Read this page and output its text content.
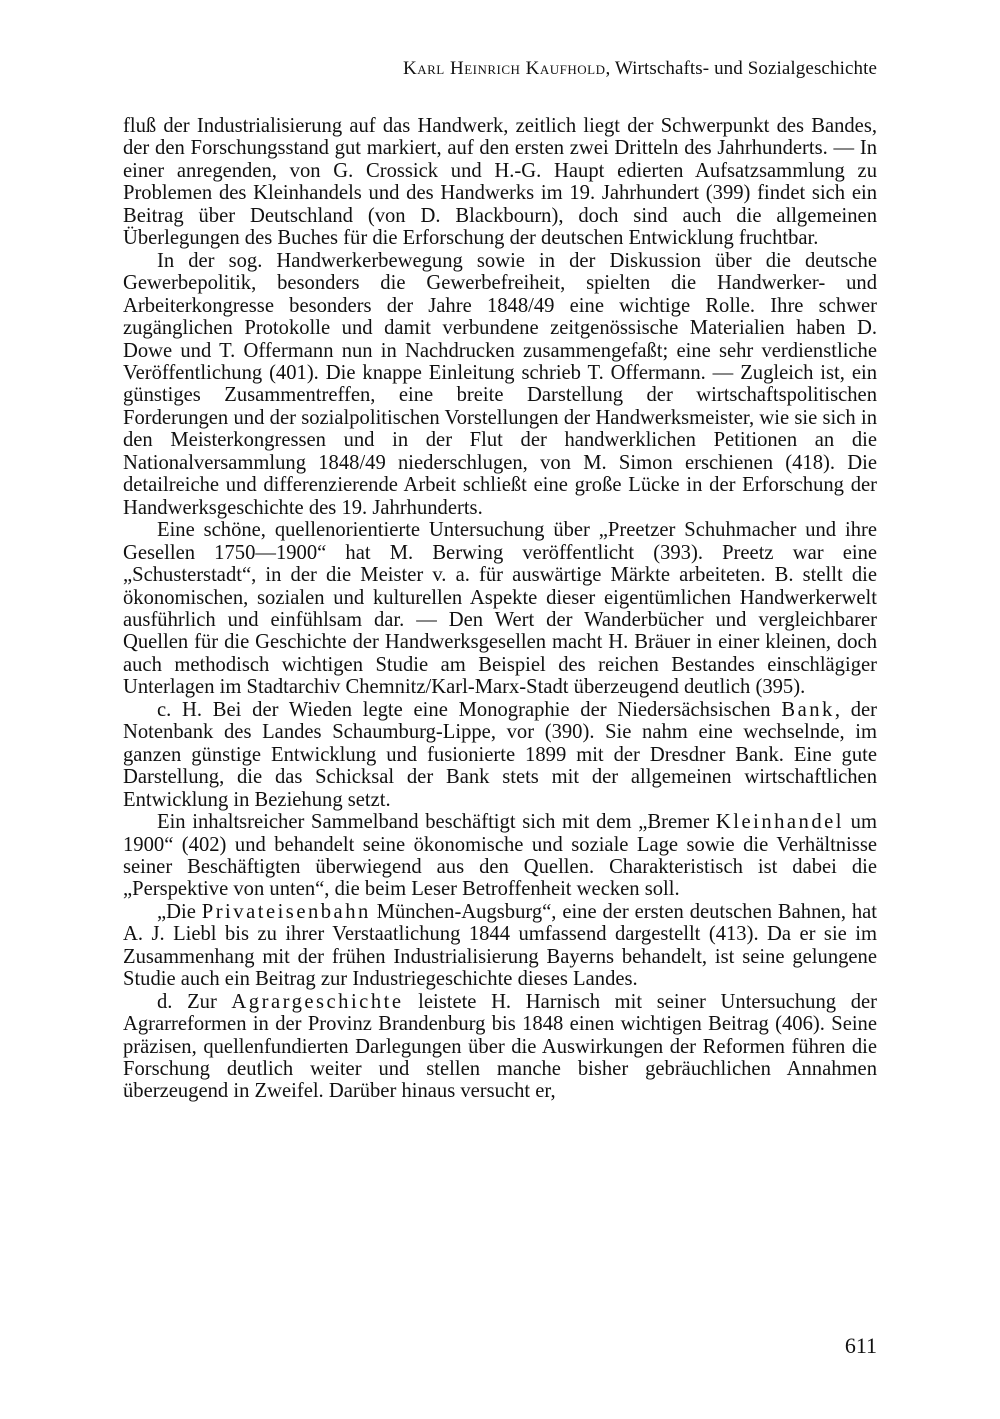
Karl Heinrich Kaufhold, Wirtschafts- und Sozialgeschichte

fluß der Industrialisierung auf das Handwerk, zeitlich liegt der Schwerpunkt des Bandes, der den Forschungsstand gut markiert, auf den ersten zwei Dritteln des Jahrhunderts. — In einer anregenden, von G. Crossick und H.-G. Haupt edierten Aufsatzsammlung zu Problemen des Kleinhandels und des Handwerks im 19. Jahrhundert (399) findet sich ein Beitrag über Deutschland (von D. Blackbourn), doch sind auch die allgemeinen Überlegungen des Buches für die Erforschung der deutschen Entwicklung fruchtbar.

In der sog. Handwerkerbewegung sowie in der Diskussion über die deutsche Gewerbepolitik, besonders die Gewerbefreiheit, spielten die Handwerker- und Arbeiterkongresse besonders der Jahre 1848/49 eine wichtige Rolle. Ihre schwer zugänglichen Protokolle und damit verbundene zeitgenössische Materialien haben D. Dowe und T. Offermann nun in Nachdrucken zusammengefaßt; eine sehr verdienstliche Veröffentlichung (401). Die knappe Einleitung schrieb T. Offermann. — Zugleich ist, ein günstiges Zusammentreffen, eine breite Darstellung der wirtschaftspolitischen Forderungen und der sozialpolitischen Vorstellungen der Handwerksmeister, wie sie sich in den Meisterkongressen und in der Flut der handwerklichen Petitionen an die Nationalversammlung 1848/49 niederschlugen, von M. Simon erschienen (418). Die detailreiche und differenzierende Arbeit schließt eine große Lücke in der Erforschung der Handwerksgeschichte des 19. Jahrhunderts.

Eine schöne, quellenorientierte Untersuchung über „Preetzer Schuhmacher und ihre Gesellen 1750—1900“ hat M. Berwing veröffentlicht (393). Preetz war eine „Schusterstadt“, in der die Meister v. a. für auswärtige Märkte arbeiteten. B. stellt die ökonomischen, sozialen und kulturellen Aspekte dieser eigentümlichen Handwerkerwelt ausführlich und einfühlsam dar. — Den Wert der Wanderbücher und vergleichbarer Quellen für die Geschichte der Handwerksgesellen macht H. Bräuer in einer kleinen, doch auch methodisch wichtigen Studie am Beispiel des reichen Bestandes einschlägiger Unterlagen im Stadtarchiv Chemnitz/Karl-Marx-Stadt überzeugend deutlich (395).

c. H. Bei der Wieden legte eine Monographie der Niedersächsischen Bank, der Notenbank des Landes Schaumburg-Lippe, vor (390). Sie nahm eine wechselnde, im ganzen günstige Entwicklung und fusionierte 1899 mit der Dresdner Bank. Eine gute Darstellung, die das Schicksal der Bank stets mit der allgemeinen wirtschaftlichen Entwicklung in Beziehung setzt.

Ein inhaltsreicher Sammelband beschäftigt sich mit dem „Bremer Kleinhandel um 1900“ (402) und behandelt seine ökonomische und soziale Lage sowie die Verhältnisse seiner Beschäftigten überwiegend aus den Quellen. Charakteristisch ist dabei die „Perspektive von unten“, die beim Leser Betroffenheit wecken soll.

„Die Privateisenbahn München-Augsburg“, eine der ersten deutschen Bahnen, hat A. J. Liebl bis zu ihrer Verstaatlichung 1844 umfassend dargestellt (413). Da er sie im Zusammenhang mit der frühen Industrialisierung Bayerns behandelt, ist seine gelungene Studie auch ein Beitrag zur Industriegeschichte dieses Landes.

d. Zur Agrargeschichte leistete H. Harnisch mit seiner Untersuchung der Agrarreformen in der Provinz Brandenburg bis 1848 einen wichtigen Beitrag (406). Seine präzisen, quellenfundierten Darlegungen über die Auswirkungen der Reformen führen die Forschung deutlich weiter und stellen manche bisher gebräuchlichen Annahmen überzeugend in Zweifel. Darüber hinaus versucht er,

611
